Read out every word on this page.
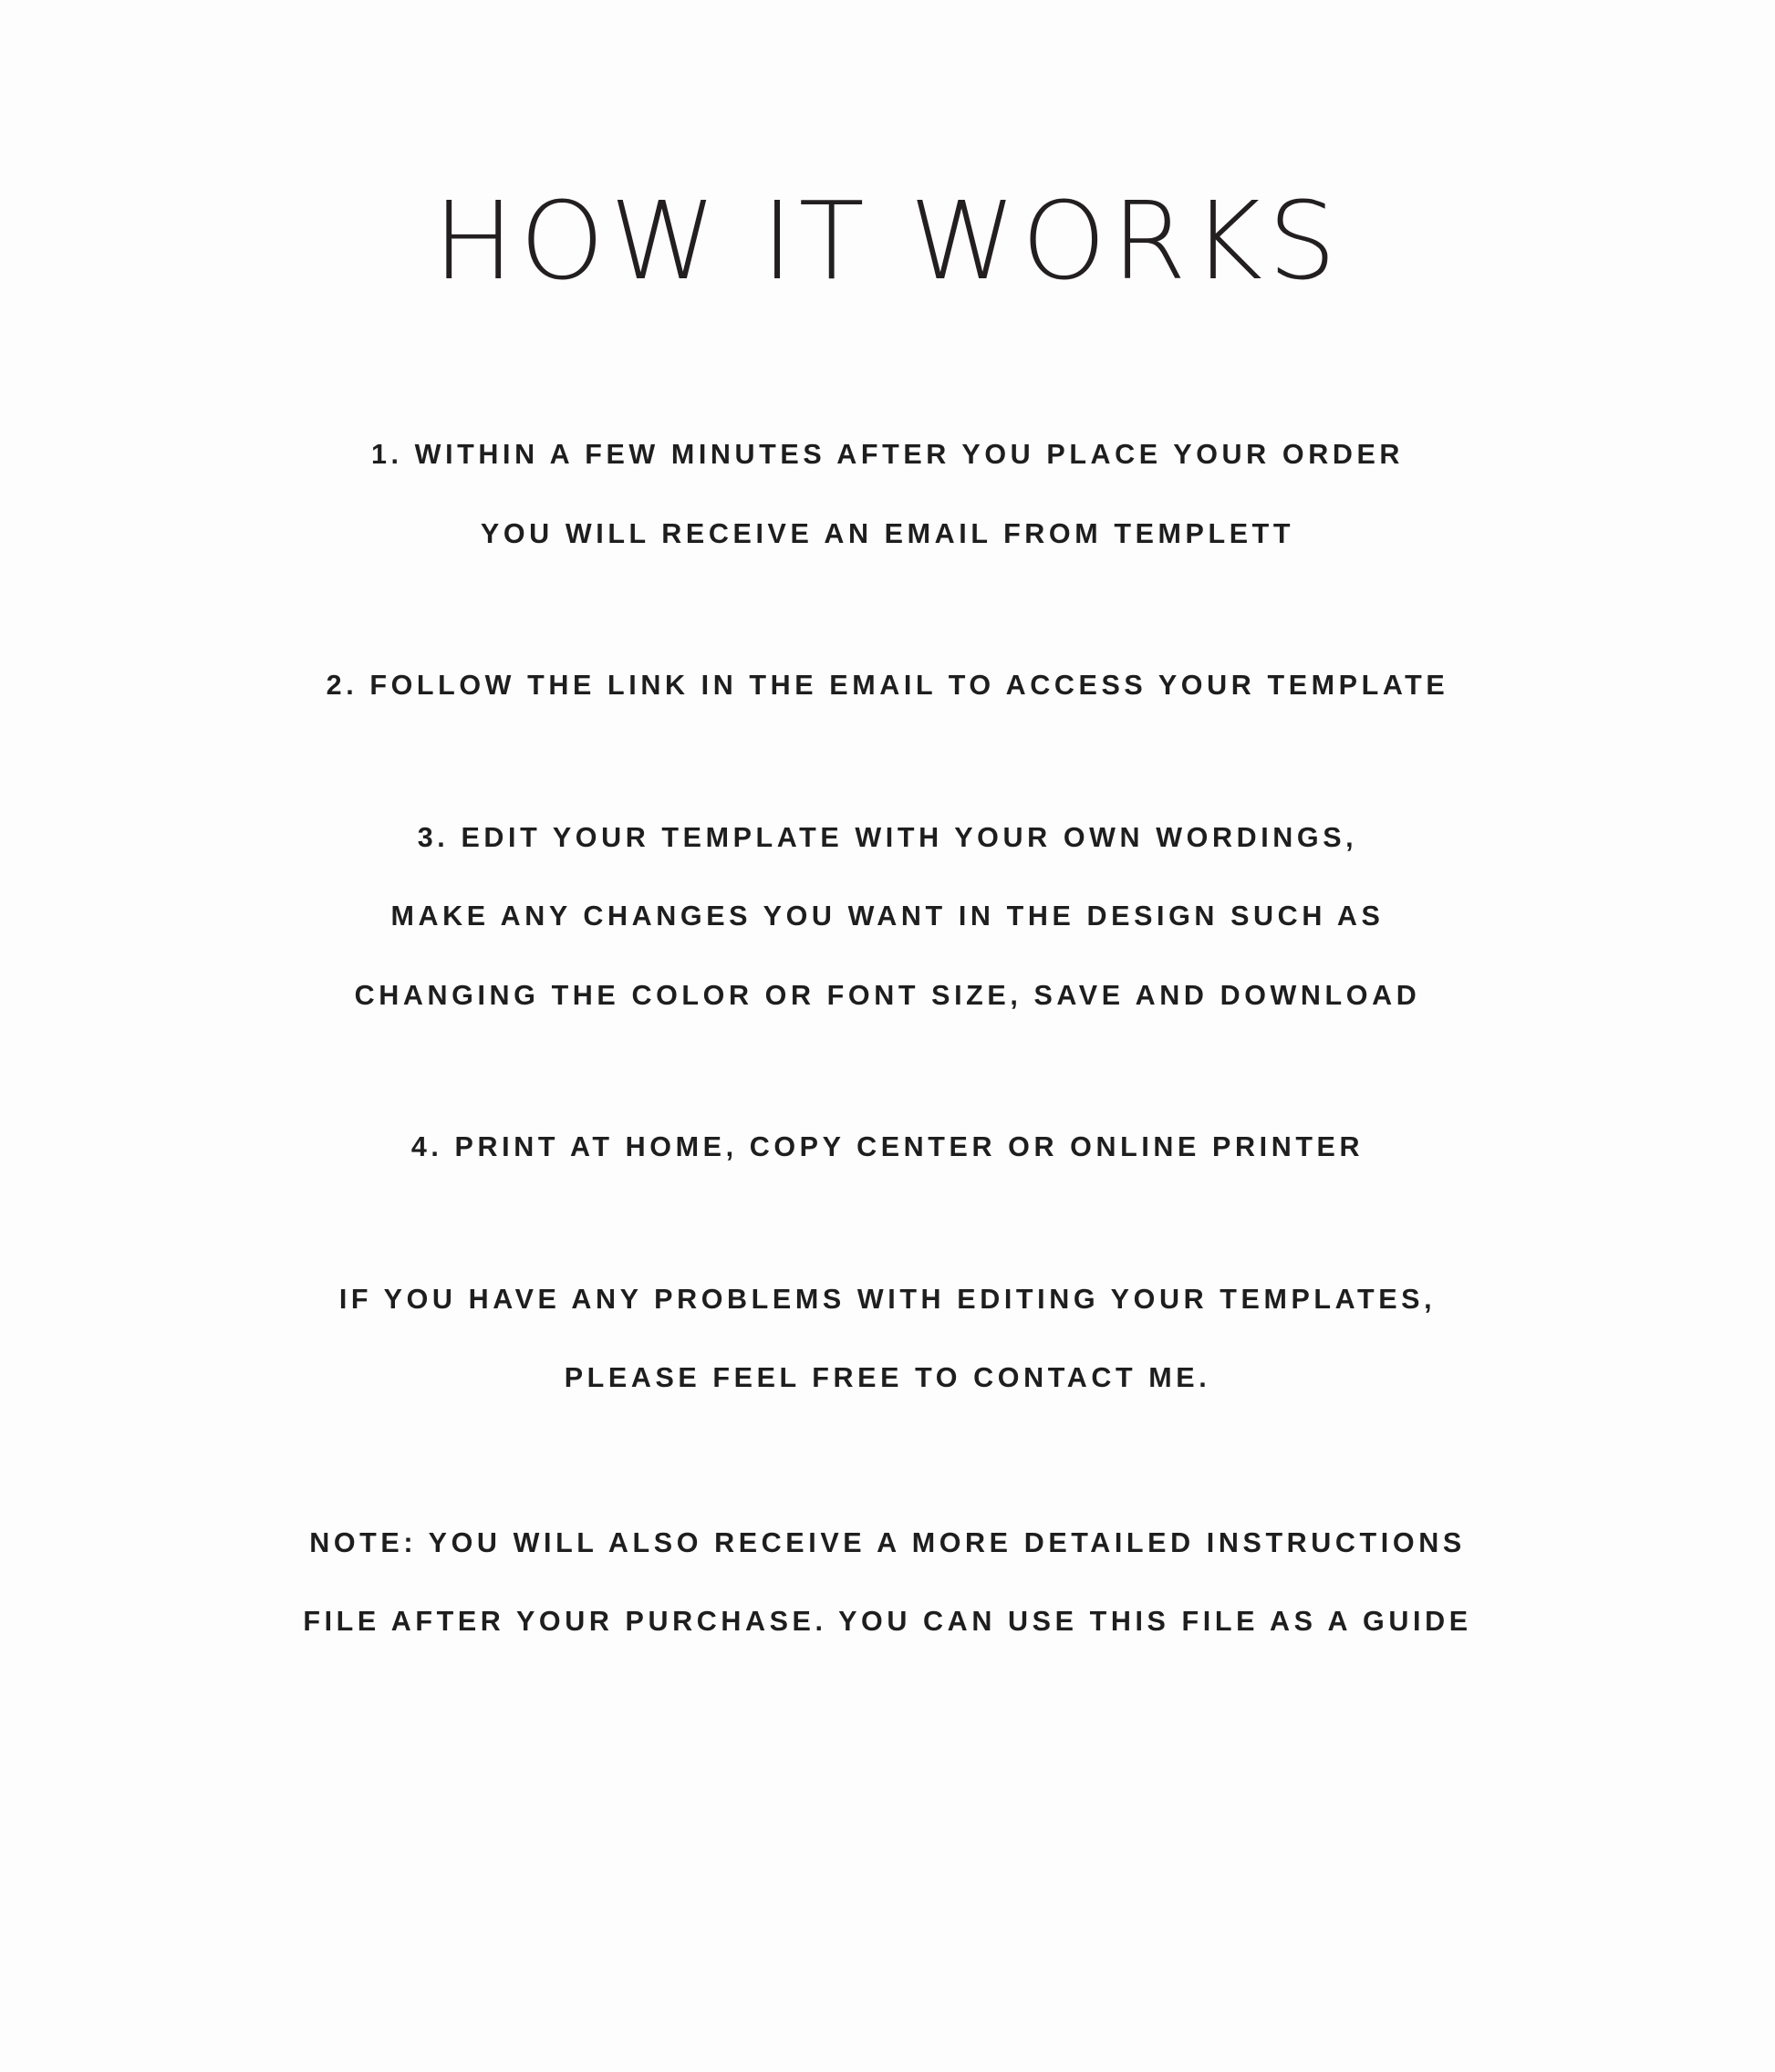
HOW IT WORKS
1. WITHIN A FEW MINUTES AFTER YOU PLACE YOUR ORDER
YOU WILL RECEIVE AN EMAIL FROM TEMPLETT
2. FOLLOW THE LINK IN THE EMAIL TO ACCESS YOUR TEMPLATE
3. EDIT YOUR TEMPLATE WITH YOUR OWN WORDINGS,
MAKE ANY CHANGES YOU WANT IN THE DESIGN SUCH AS
CHANGING THE COLOR OR FONT SIZE, SAVE AND DOWNLOAD
4. PRINT AT HOME, COPY CENTER OR ONLINE PRINTER
IF YOU HAVE ANY PROBLEMS WITH EDITING YOUR TEMPLATES,
PLEASE FEEL FREE TO CONTACT ME.
NOTE: YOU WILL ALSO RECEIVE A MORE DETAILED INSTRUCTIONS
FILE AFTER YOUR PURCHASE. YOU CAN USE THIS FILE AS A GUIDE
